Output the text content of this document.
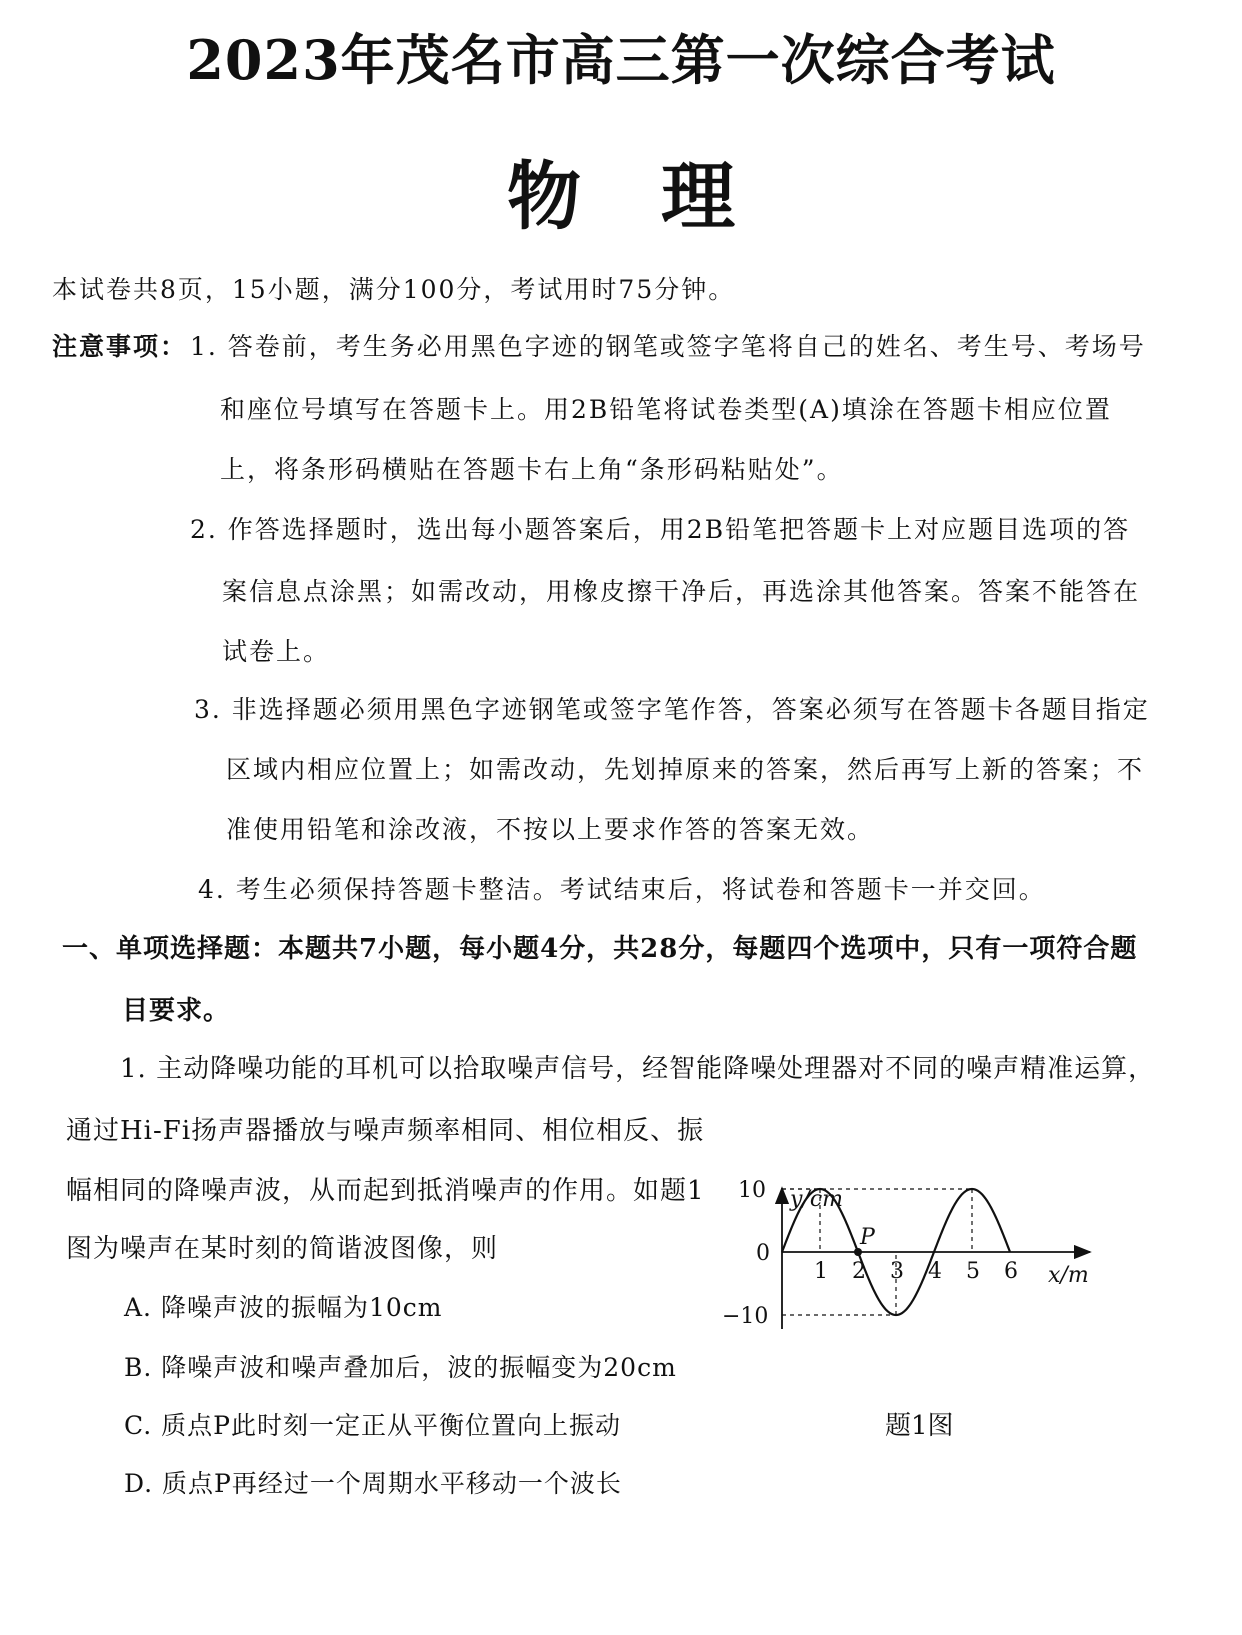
2023年茂名市高三第一次综合考试
物理
本试卷共8页，15小题，满分100分，考试用时75分钟。
注意事项： 1. 答卷前，考生务必用黑色字迹的钢笔或签字笔将自己的姓名、考生号、考场号
和座位号填写在答题卡上。用2B铅笔将试卷类型(A)填涂在答题卡相应位置
上，将条形码横贴在答题卡右上角“条形码粘贴处”。
2. 作答选择题时，选出每小题答案后，用2B铅笔把答题卡上对应题目选项的答
案信息点涂黑；如需改动，用橡皮擦干净后，再选涂其他答案。答案不能答在
试卷上。
3. 非选择题必须用黑色字迹钢笔或签字笔作答，答案必须写在答题卡各题目指定
区域内相应位置上；如需改动，先划掉原来的答案，然后再写上新的答案；不
准使用铅笔和涂改液，不按以上要求作答的答案无效。
4. 考生必须保持答题卡整洁。考试结束后，将试卷和答题卡一并交回。
一、单项选择题：本题共7小题，每小题4分，共28分，每题四个选项中，只有一项符合题
目要求。
1. 主动降噪功能的耳机可以拾取噪声信号，经智能降噪处理器对不同的噪声精准运算，
通过Hi-Fi扬声器播放与噪声频率相同、相位相反、振
幅相同的降噪声波，从而起到抵消噪声的作用。如题1
图为噪声在某时刻的简谐波图像，则
A. 降噪声波的振幅为10cm
B. 降噪声波和噪声叠加后，波的振幅变为20cm
C. 质点P此时刻一定正从平衡位置向上振动
D. 质点P再经过一个周期水平移动一个波长
y/cm
x/m
10
0
−10
1 2 3 4 5 6
P
题1图
